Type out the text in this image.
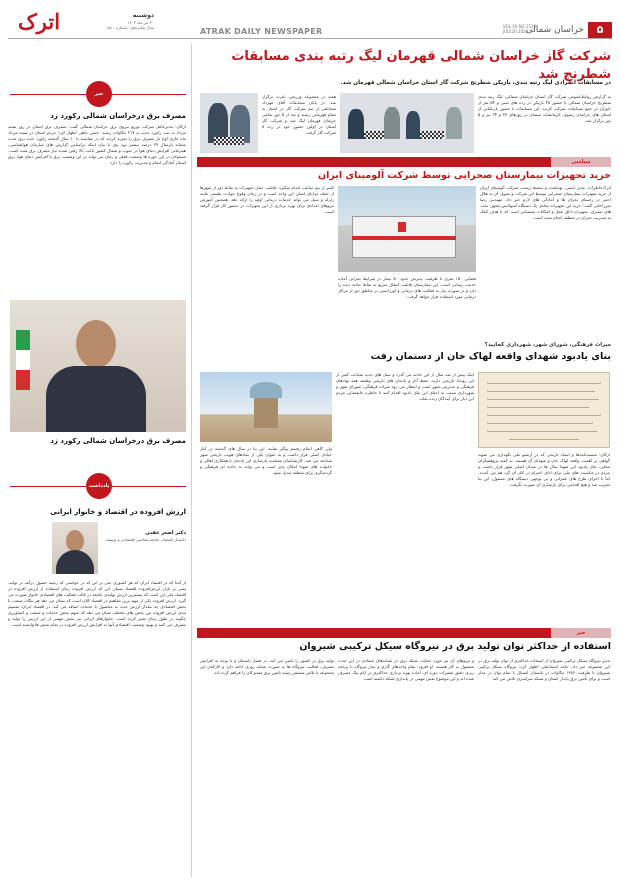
۵
خراسان شمالی
VOL.16.NO.1510
JULY.20.2024
ATRAK DAILY NEWSPAPER
اترک	دوشنبه
۳۰ تیر ماه ۱۴۰۳
سال شانزدهم - شماره ۱۵۱۰
خبر
مصرف برق درخراسان شمالی رکورد زد
ارکان: مدیرعامل شرکت توزیع نیروی برق خراسان شمالی گفت: مصرف برق استان در روز شنبه مرداد به ثبت رکورد جدید به ۲۱۷ مگاوات رسید. حسن چاهی اظهار کرد: مردم استان در شنبه مرداد ماه جاری اوج بار مصرف برق را تجربه کردند که در مقایسه با ۱۰ سال گذشته رکورد جدید برق مدت مشابه پارسال ۲۷ درصد بیشتر بود. وی با بیان اینکه براساس گزارش های سازمان هواشناسی، همزمانی افزایش دمای هوا در جنوب و شمال کشور باعث بالا رفتن شدید نیاز مصرف برق شده است. مسئولان در این حوزه ها وضعیت فعلی و زمان می تواند در این وضعیت برق با افزایش دمای هوا، برق استان آمادگی اتمام و مدیریت رکورد را دارد.
مصرف برق درخراسان شمالی رکورد زد
یادداشت
ارزش افزوده در اقتصاد و خانوار ایرانی
دکتر اصغر عقبی
دانشیار اقتصاد، جامعه شناسی اقتصادی و توسعه
از آنجا که در اقتصاد ایران که هر کشوری حتی بر این که در جوامعی که زمینه حصول درآمد در تولید، یعنی بر بازار ارزش‌افزوده اقتصاد بسیار، این که ارزش افزوده زمان استفاده از ارزش افزوده در اقتصاد ملی این است که بیشترین ارزش تولیدی جامعه در قالب فعالیت های اقتصادی خانوار صورت می گیرد. ارزش افزوده یکی از مهم ترین مفاهیم در اقتصاد کلان است که نشان می دهد هر بنگاه، صنعت یا بخش اقتصادی چه مقدار ارزش جدید به محصول یا خدمات اضافه می کند. در اقتصاد ایران، تقسیم بندی ارزش افزوده بین بخش های مختلف نشان می دهد که سهم بخش خدمات و صنعت و کشاورزی چگونه در طول زمان تغییر کرده است. خانوارهای ایرانی نیز بخش مهمی از این ارزش را تولید و مصرف می کنند و بهبود وضعیت اقتصادی آنها به افزایش ارزش افزوده در تمام بخش ها وابسته است.
شرکت گاز خراسان شمالی قهرمان لیگ رتبه بندی مسابقات شطرنج شد
در مسابقات انفرادی لیگ رتبه بندی، بازیکن شطرنج شرکت گاز استان خراسان شمالی قهرمان شد.
به گزارش روابط‌عمومی شرکت گاز استان خراسان شمالی، لیگ رتبه بندی شطرنج خراسان شمالی با حضور ۴۸ بازیکن در رده های سنی و ۵۴ نفر از داوران در جمع مسابقات شرکت کردند. این مسابقات با حضور بازیکنانی از استان های خراسان رضوی، کرمانشاه، سمنان در روزهای ۲۳ و ۲۴ تیر و ۵ دور برگزار شد.
هفته در مجموعه ورزشی عترت برگزار شد. در پایان مسابقات آقای مهرداد شجاعتی از تیم شرکت گاز در امتیاز به مقام قهرمانی رسید و بعد از ۵ دور تمامی حریفان قهرمان لیگ شد و شرکت گاز استان در اولین حضور خود در رده ۸ شرکت گاز گرفت.
سیاسی
خرید تجهیزات بیمارستان صحرایی توسط شرکت آلومینای ایران
اترک‌خاطرات: مدیر ایمنی، بهداشت و محیط زیست شرکت آلومینای ایران از خرید تجهیزات بیمارستان صحرایی توسط این شرکت و تحویل آن به هلال احمر در راستای بحران ها و آمادگی های لازم خبر داد. مهندس رضا میرزاجانی گفت: خرید این تجهیزات شامل یک دستگاه آمبولانس مجهز، تخت های بستری، تجهیزات اتاق عمل و امکانات پشتیبانی است که با هدف کمک به مدیریت بحران در منطقه انجام شده است.
فضایی ۱۵۰ متری با ظرفیت پذیرش حدود ۵۰ بیمار در شرایط بحرانی آماده خدمت رسانی است. این بیمارستان قابلیت انتقال سریع به نقاط حادثه دیده را دارد و در صورت نیاز به فعالیت های درمانی و اورژانسی در مناطق دور از مراکز درمانی مورد استفاده قرار خواهد گرفت.
کمتر از نیم ساعت انجام میگیرد. قابلیت حمل تجهیزات به نقاط دور از شهرها از جمله مزایای اصلی این واحد است و در زمان وقوع حوادث طبیعی مانند زلزله و سیل می تواند خدمات درمانی اولیه را ارائه دهد. همچنین آموزش نیروهای امدادی برای بهره برداری از این تجهیزات در دستور کار قرار گرفته است.
میراث فرهنگی، شورای شهر، شهرداری کجایید؟
بنای یادبود شهدای واقعه لهاک خان از دستمان رفت
ارکان: مستند‌نامه‌ها و اسناد تاریخی که در آرشیو ملی نگهداری می شوند گواهی بر اهمیت واقعه لهاک خان و شهدای آن هستند. به گفته پژوهشگران محلی، بنای یادبود این شهدا سال ها در میدان اصلی شهر قرار داشت و مردم در مناسبت های ملی برای ادای احترام در کنار آن گرد هم می آمدند. اما با اجرای طرح های عمرانی و بی توجهی دستگاه های مسئول، این بنا تخریب شد و هیچ اقدامی برای بازسازی آن صورت نگرفت.
اینک بیش از صد سال از این حادثه می گذرد و نسل های جدید شناخت کمی از این رویداد تاریخی دارند. حفظ آثار و یادمان های تاریخی وظیفه همه نهادهای فرهنگی و مدیریتی شهر است و انتظار می رود میراث فرهنگی، شورای شهر و شهرداری نسبت به احیای این بنای یادبود اقدام کنند تا خاطره جانفشانی مردم این دیار برای آیندگان زنده بماند.
ولی گاهی انجام رفتنیم پیگیر نمایند. این بنا در سال های گذشته در کنار خیابان اصلی قرار داشت و به عنوان یکی از نمادهای هویت تاریخی شهر شناخته می شد. کارشناسان معتقدند بازسازی این یادمان با همکاری اهالی و خانواده های شهدا امکان پذیر است و می تواند به جاذبه ای فرهنگی و گردشگری برای منطقه تبدیل شود.
خبر
استفاده از حداکثر توان تولید برق در نیروگاه سیکل ترکیبی شیروان
مدیر نیروگاه سیکل ترکیبی شیروان از استفاده حداکثری از توان تولید برق در این مجموعه خبر داد. حامد اسماعیلی اظهار کرد: نیروگاه سیکل ترکیبی شیروان با ظرفیت ۱۳۸۶ مگاوات در تابستان امسال با تمام توان در مدار است و برای تأمین برق پایدار استان و شبکه سراسری تلاش می کند.
و نیروهای آن نیز مورد حمایت شبکه برق در شبانه‌های متمادی در این مدت مشغول به کار هستند. او افزود: تمام واحدهای گازی و بخار نیروگاه با برنامه ریزی دقیق تعمیرات دوره ای، آماده بهره برداری حداکثری در ایام پیک مصرف شده اند و این موضوع نقش مهمی در پایداری شبکه داشته است.
تولید برق در کشور را تامین می کند. در فصل تابستان و با توجه به افزایش مصرف، فعالیت نیروگاه ها به صورت شبانه روزی ادامه دارد و کارکنان این مجموعه با تلاش مستمر زمینه تامین برق مشترکان را فراهم کرده اند.
